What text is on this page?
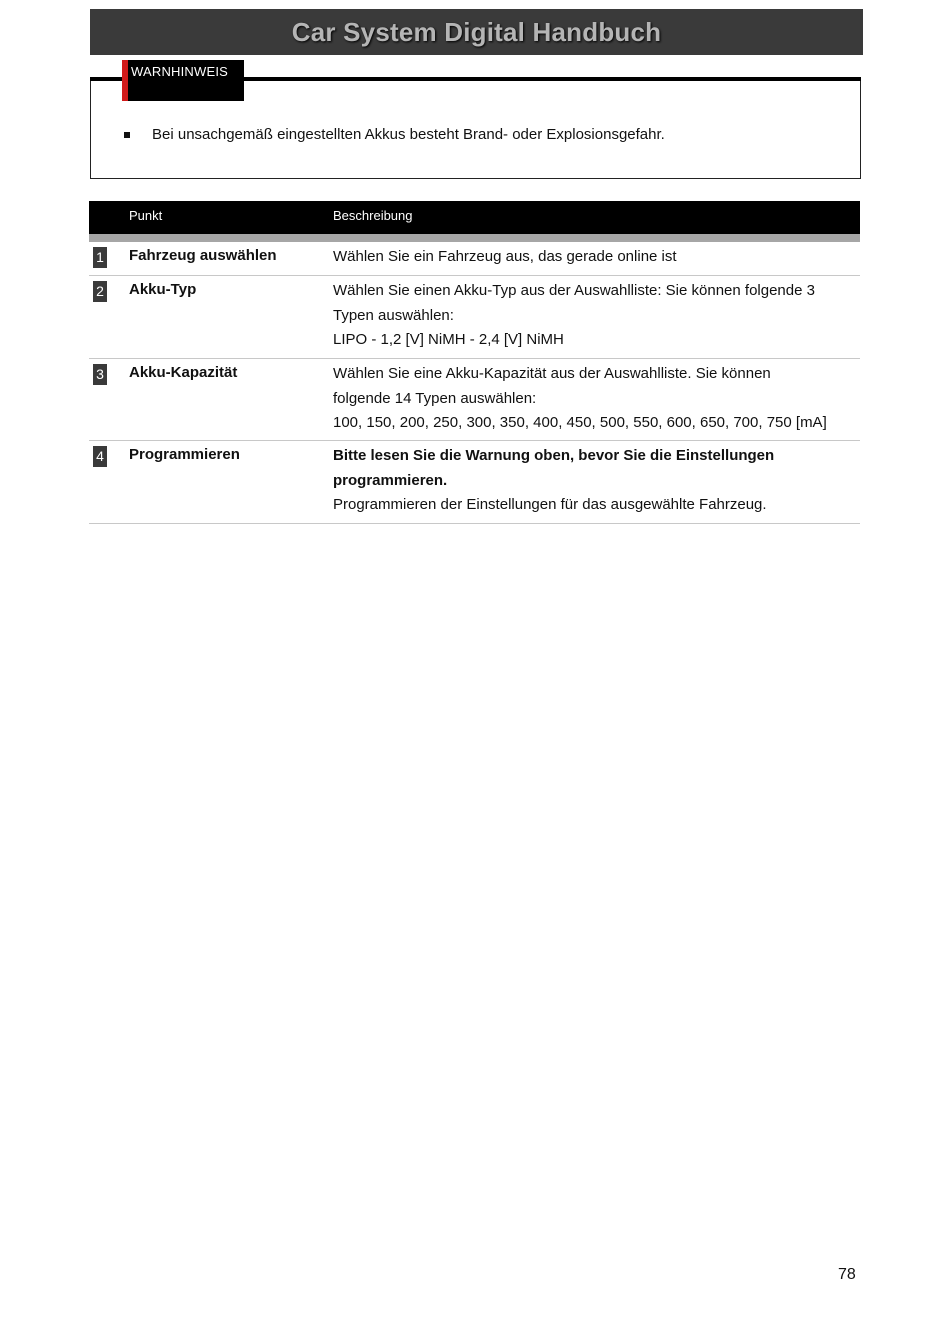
Car System Digital Handbuch
WARNHINWEIS
Bei unsachgemäß eingestellten Akkus besteht Brand- oder Explosionsgefahr.
Punkt	Beschreibung
1 Fahrzeug auswählen	Wählen Sie ein Fahrzeug aus, das gerade online ist

2 Akku-Typ	Wählen Sie einen Akku-Typ aus der Auswahlliste: Sie können folgende 3

Typen auswählen:

LIPO - 1,2 [V] NiMH - 2,4 [V] NiMH

3 Akku-Kapazität	Wählen Sie eine Akku-Kapazität aus der Auswahlliste. Sie können

folgende 14 Typen auswählen:

100, 150, 200, 250, 300, 350, 400, 450, 500, 550, 600, 650, 700, 750 [mA]

4 Programmieren	Bitte lesen Sie die Warnung oben, bevor Sie die Einstellungen

programmieren.

Programmieren der Einstellungen für das ausgewählte Fahrzeug.

78
